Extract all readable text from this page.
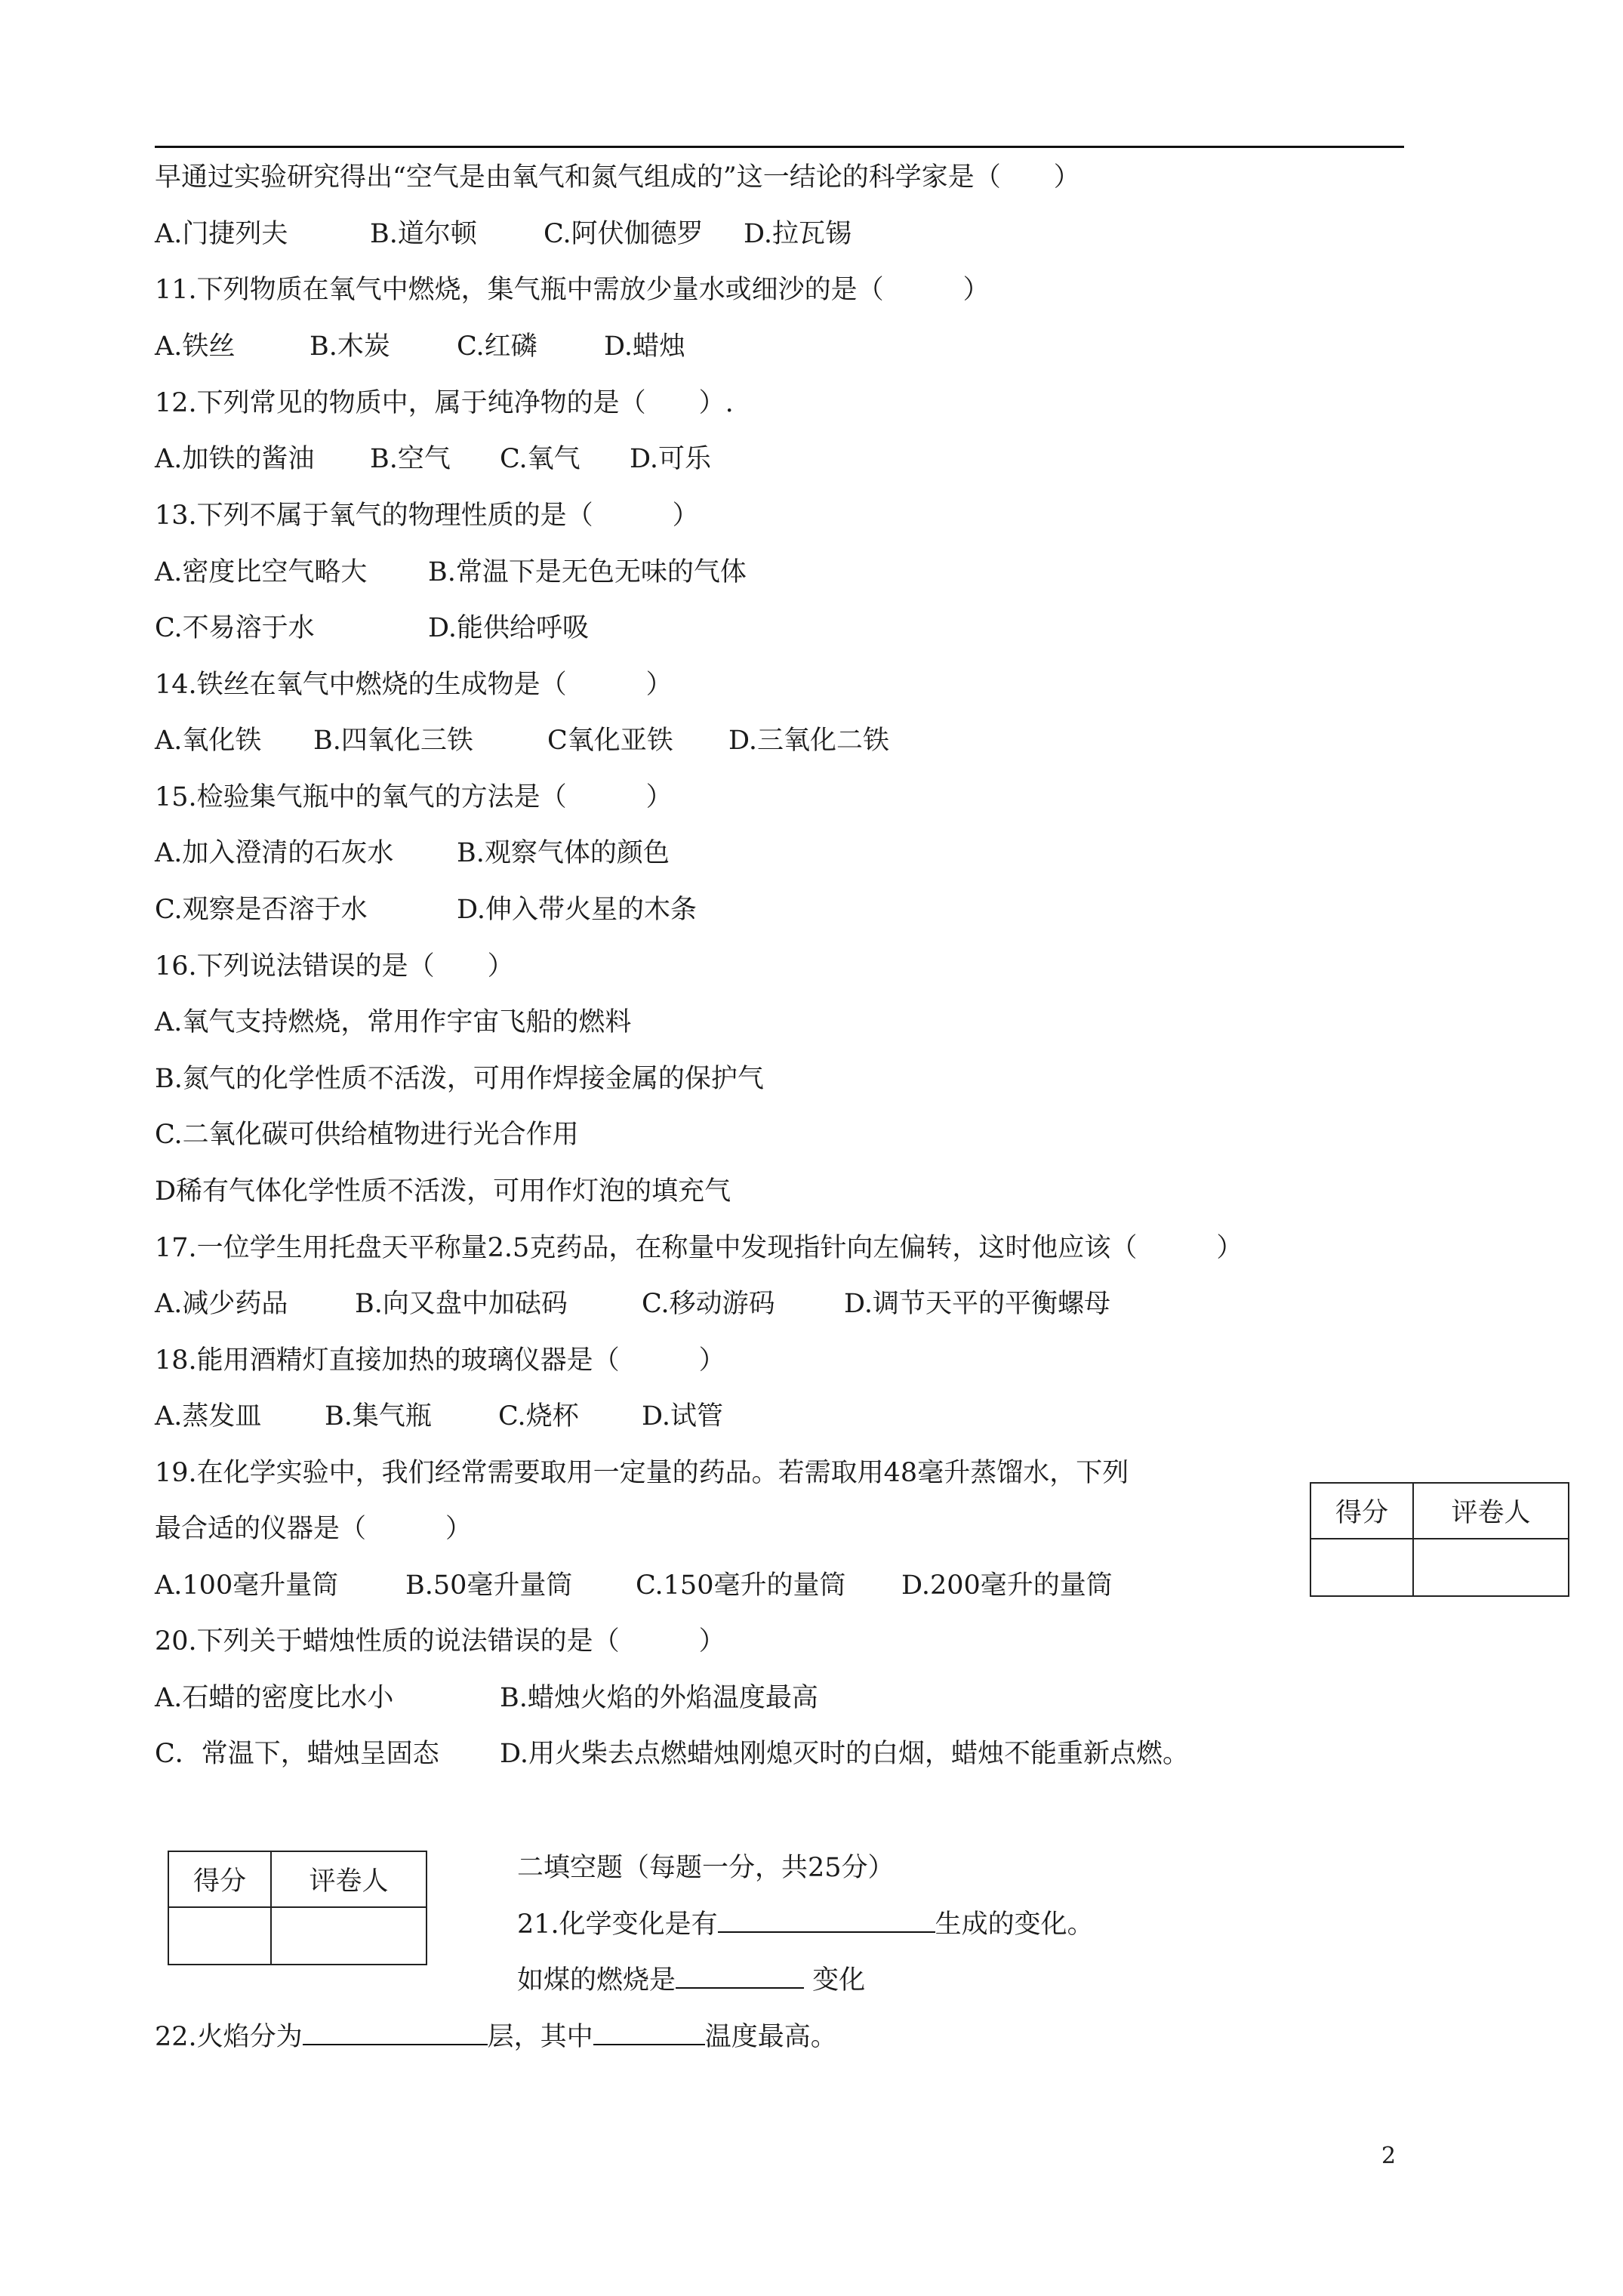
早通过实验研究得出“空气是由氧气和氮气组成的”这一结论的科学家是（　　）
A.门捷列夫	B.道尔顿	C.阿伏伽德罗 D.拉瓦锡
11.下列物质在氧气中燃烧，集气瓶中需放少量水或细沙的是（　　　）
A.铁丝	B.木炭	C.红磷	D.蜡烛
12.下列常见的物质中，属于纯净物的是（　　）.
A.加铁的酱油 B.空气 C.氧气 D.可乐
13.下列不属于氧气的物理性质的是（　　　）
A.密度比空气略大 B.常温下是无色无味的气体
C.不易溶于水	D.能供给呼吸
14.铁丝在氧气中燃烧的生成物是（　　　）
A.氧化铁 B.四氧化三铁	C氧化亚铁 D.三氧化二铁
15.检验集气瓶中的氧气的方法是（　　　）
A.加入澄清的石灰水 B.观察气体的颜色
C.观察是否溶于水	D.伸入带火星的木条
16.下列说法错误的是（　　）
A.氧气支持燃烧，常用作宇宙飞船的燃料
B.氮气的化学性质不活泼，可用作焊接金属的保护气
C.二氧化碳可供给植物进行光合作用
D稀有气体化学性质不活泼，可用作灯泡的填充气
17.一位学生用托盘天平称量2.5克药品，在称量中发现指针向左偏转，这时他应该（　　　）
A.减少药品	B.向又盘中加砝码	C.移动游码	D.调节天平的平衡螺母
18.能用酒精灯直接加热的玻璃仪器是（　　　）
A.蒸发皿 B.集气瓶	C.烧杯 D.试管
19.在化学实验中，我们经常需要取用一定量的药品。若需取用48毫升蒸馏水，下列
最合适的仪器是（　　　）
A.100毫升量筒	B.50毫升量筒 C.150毫升的量筒 D.200毫升的量筒
得分	评卷人

20.下列关于蜡烛性质的说法错误的是（　　　）
A.石蜡的密度比水小	B.蜡烛火焰的外焰温度最高
C．常温下，蜡烛呈固态 D.用火柴去点燃蜡烛刚熄灭时的白烟，蜡烛不能重新点燃。
得分	评卷人
		二填空题（每题一分，共25分）
21.化学变化是有	生成的变化。
如煤的燃烧是	变化
22.火焰分为	层，其中	温度最高。
2
